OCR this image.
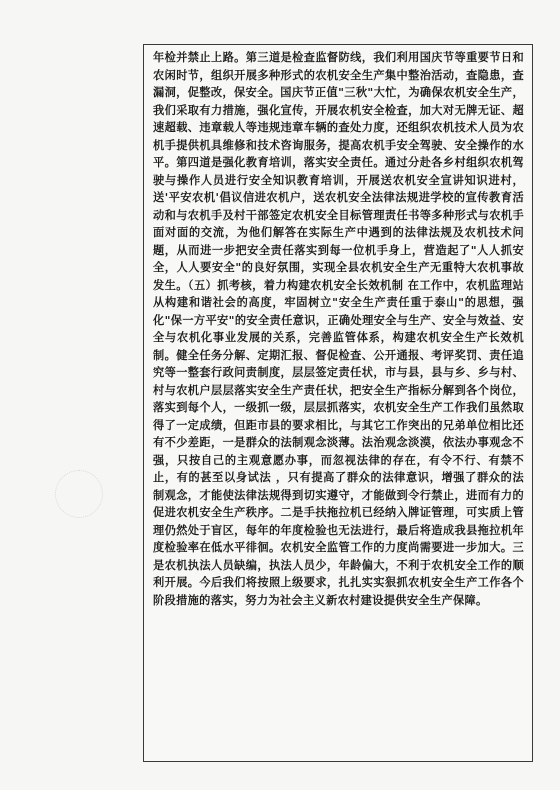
年检并禁止上路。第三道是检查监督防线，我们利用国庆节等重要节日和农闲时节，组织开展多种形式的农机安全生产集中整治活动，查隐患，查漏洞，促整改，保安全。国庆节正值"三秋"大忙，为确保农机安全生产，我们采取有力措施，强化宣传，开展农机安全检查，加大对无牌无证、超速超载、违章载人等违规违章车辆的查处力度，还组织农机技术人员为农机手提供机具维修和技术咨询服务，提高农机手安全驾驶、安全操作的水平。第四道是强化教育培训，落实安全责任。通过分赴各乡村组织农机驾驶与操作人员进行安全知识教育培训，开展送农机安全宣讲知识进村，送'平安农机'倡议信进农机户，送农机安全法律法规进学校的宣传教育活动和与农机手及村干部签定农机安全目标管理责任书等多种形式与农机手面对面的交流，为他们解答在实际生产中遇到的法律法规及农机技术问题，从而进一步把安全责任落实到每一位机手身上，营造起了"人人抓安全，人人要安全"的良好氛围，实现全县农机安全生产无重特大农机事故发生。（五）抓考核，着力构建农机安全长效机制 在工作中，农机监理站从构建和谐社会的高度，牢固树立"安全生产责任重于泰山"的思想，强化"保一方平安"的安全责任意识，正确处理安全与生产、安全与效益、安全与农机化事业发展的关系，完善监管体系，构建农机安全生产长效机制。健全任务分解、定期汇报、督促检查、公开通报、考评奖罚、责任追究等一整套行政问责制度，层层签定责任状，市与县，县与乡、乡与村、村与农机户层层落实安全生产责任状，把安全生产指标分解到各个岗位，落实到每个人，一级抓一级，层层抓落实，农机安全生产工作我们虽然取得了一定成绩，但距市县的要求相比，与其它工作突出的兄弟单位相比还有不少差距，一是群众的法制观念淡薄。法治观念淡漠，依法办事观念不强，只按自己的主观意愿办事，而忽视法律的存在，有令不行、有禁不止，有的甚至以身试法 ，只有提高了群众的法律意识，增强了群众的法制观念，才能使法律法规得到切实遵守，才能做到令行禁止，进而有力的促进农机安全生产秩序。二是手扶拖拉机已经纳入牌证管理，可实质上管理仍然处于盲区，每年的年度检验也无法进行，最后将造成我县拖拉机年度检验率在低水平徘徊。农机安全监管工作的力度尚需要进一步加大。三是农机执法人员缺编，执法人员少，年龄偏大，不利于农机安全工作的顺利开展。今后我们将按照上级要求，扎扎实实狠抓农机安全生产工作各个阶段措施的落实，努力为社会主义新农村建设提供安全生产保障。
